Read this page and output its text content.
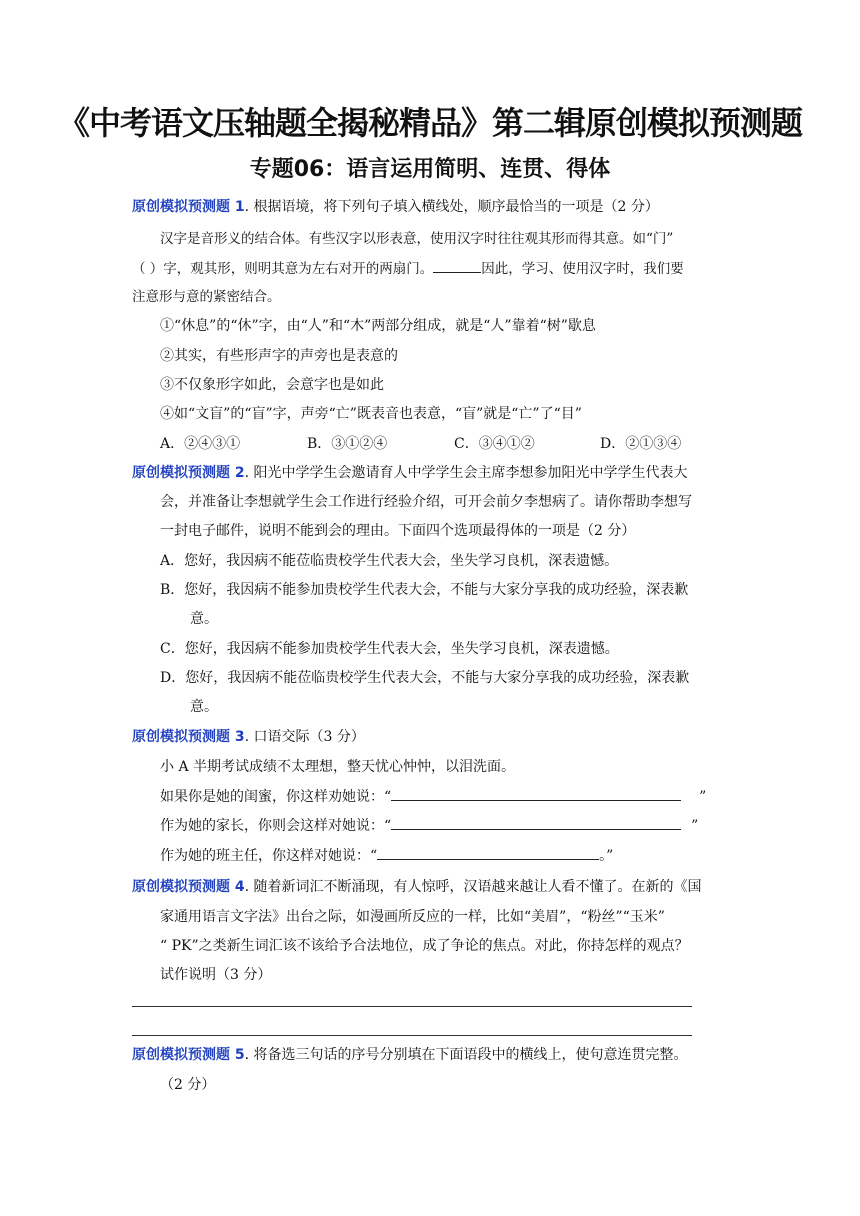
《中考语文压轴题全揭秘精品》第二辑原创模拟预测题
专题06：语言运用简明、连贯、得体
原创模拟预测题 1. 根据语境，将下列句子填入横线处，顺序最恰当的一项是（2 分）
汉字是音形义的结合体。有些汉字以形表意，使用汉字时往往观其形而得其意。如“门”
（ ）字，观其形，则明其意为左右对开的两扇门。	因此，学习、使用汉字时，我们要
注意形与意的紧密结合。
①“休息”的“休”字，由“人”和“木”两部分组成，就是“人”靠着“树”歇息
②其实，有些形声字的声旁也是表意的
③不仅象形字如此，会意字也是如此
④如“文盲”的“盲”字，声旁“亡”既表音也表意，“盲”就是“亡”了“目”
A．②④③①	B．③①②④	C．③④①②	D．②①③④
原创模拟预测题 2. 阳光中学学生会邀请育人中学学生会主席李想参加阳光中学学生代表大
会，并准备让李想就学生会工作进行经验介绍，可开会前夕李想病了。请你帮助李想写
一封电子邮件，说明不能到会的理由。下面四个选项最得体的一项是（2 分）
A．您好，我因病不能莅临贵校学生代表大会，坐失学习良机，深表遗憾。
B．您好，我因病不能参加贵校学生代表大会，不能与大家分享我的成功经验，深表歉
意。
C．您好，我因病不能参加贵校学生代表大会，坐失学习良机，深表遗憾。
D．您好，我因病不能莅临贵校学生代表大会，不能与大家分享我的成功经验，深表歉
意。
原创模拟预测题 3. 口语交际（3 分）
小 A 半期考试成绩不太理想，整天忧心忡忡，以泪洗面。
如果你是她的闺蜜，你这样劝她说：“	”
作为她的家长，你则会这样对她说：“	”
作为她的班主任，你这样对她说：“	。”
原创模拟预测题 4. 随着新词汇不断涌现，有人惊呼，汉语越来越让人看不懂了。在新的《国
家通用语言文字法》出台之际，如漫画所反应的一样，比如“美眉”，“粉丝”“玉米”
“ PK”之类新生词汇该不该给予合法地位，成了争论的焦点。对此，你持怎样的观点？
试作说明（3 分）
原创模拟预测题 5. 将备选三句话的序号分别填在下面语段中的横线上，使句意连贯完整。
（2 分）
